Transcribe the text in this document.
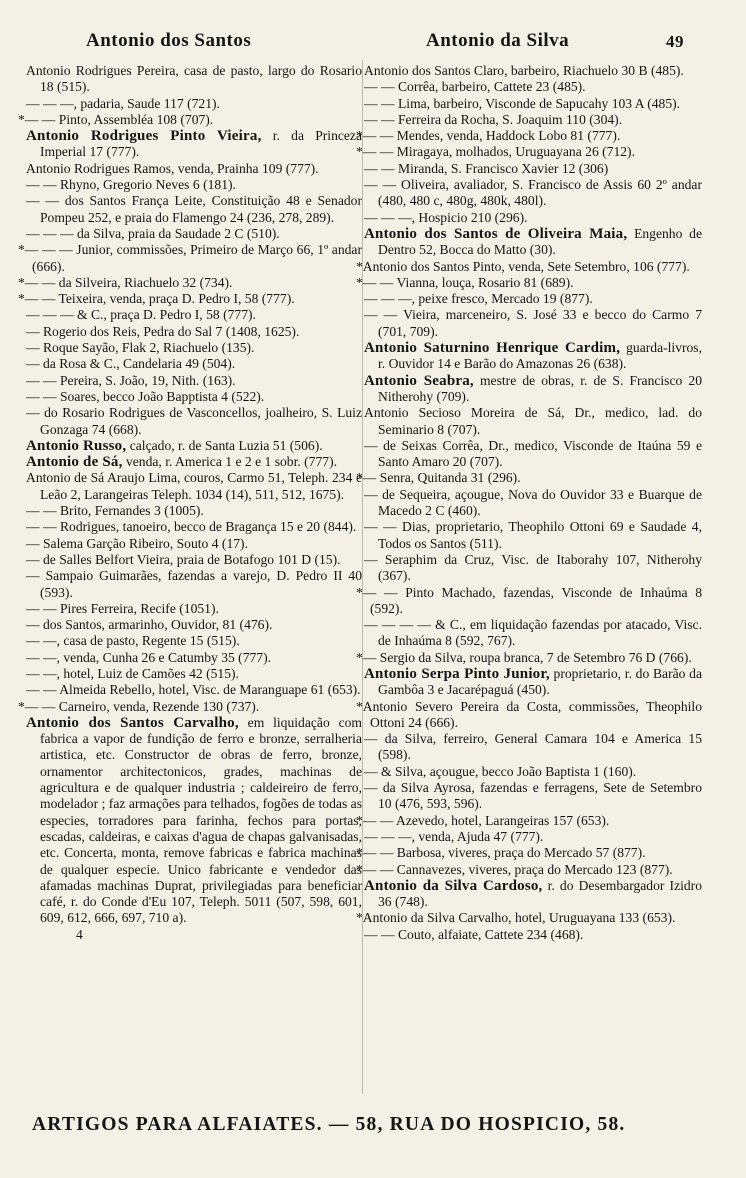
Antonio dos Santos	Antonio da Silva	49

Antonio Rodrigues Pereira, casa de pasto, largo do Rosario 18 (515).

— — —, padaria, Saude 117 (721).

*— — Pinto, Assembléa 108 (707).

Antonio Rodrigues Pinto Vieira, r. da Princeza Imperial 17 (777).

Antonio Rodrigues Ramos, venda, Prainha 109 (777).

— — Rhyno, Gregorio Neves 6 (181).

— — dos Santos França Leite, Constituição 48 e Senador Pompeu 252, e praia do Flamengo 24 (236, 278, 289).

— — — da Silva, praia da Saudade 2 C (510).

*— — — Junior, commissões, Primeiro de Março 66, 1º andar (666).

*— — da Silveira, Riachuelo 32 (734).

*— — Teixeira, venda, praça D. Pedro I, 58 (777).

— — — & C., praça D. Pedro I, 58 (777).

— Rogerio dos Reis, Pedra do Sal 7 (1408, 1625).

— Roque Sayão, Flak 2, Riachuelo (135).

— da Rosa & C., Candelaria 49 (504).

— — Pereira, S. João, 19, Nith. (163).

— — Soares, becco João Bapptista 4 (522).

— do Rosario Rodrigues de Vasconcellos, joalheiro, S. Luiz Gonzaga 74 (668).

Antonio Russo, calçado, r. de Santa Luzia 51 (506).

Antonio de Sá, venda, r. America 1 e 2 e 1 sobr. (777).

Antonio de Sá Araujo Lima, couros, Carmo 51, Teleph. 234 e Leão 2, Larangeiras Teleph. 1034 (14), 511, 512, 1675).

— — Brito, Fernandes 3 (1005).

— — Rodrigues, tanoeiro, becco de Bragança 15 e 20 (844).

— Salema Garção Ribeiro, Souto 4 (17).

— de Salles Belfort Vieira, praia de Botafogo 101 D (15).

— Sampaio Guimarães, fazendas a varejo, D. Pedro II 40 (593).

— — Pires Ferreira, Recife (1051).

— dos Santos, armarinho, Ouvidor, 81 (476).

— —, casa de pasto, Regente 15 (515).

— —, venda, Cunha 26 e Catumby 35 (777).

— —, hotel, Luiz de Camões 42 (515).

— — Almeida Rebello, hotel, Visc. de Maranguape 61 (653).

*— — Carneiro, venda, Rezende 130 (737).

Antonio dos Santos Carvalho, em liquidação com fabrica a vapor de fundição de ferro e bronze, serralheria artistica, etc. Constructor de obras de ferro, bronze, ornamentor architectonicos, grades, machinas de agricultura e de qualquer industria ; caldeireiro de ferro, modelador ; faz armações para telhados, fogões de todas as especies, torradores para farinha, fechos para portas, escadas, caldeiras, e caixas d'agua de chapas galvanisadas, etc. Concerta, monta, remove fabricas e fabrica machinas de qualquer especie. Unico fabricante e vendedor das afamadas machinas Duprat, privilegiadas para beneficiar café, r. do Conde d'Eu 107, Teleph. 5011 (507, 598, 601, 609, 612, 666, 697, 710 a).

4

Antonio dos Santos Claro, barbeiro, Riachuelo 30 B (485).

— — Corrêa, barbeiro, Cattete 23 (485).

— — Lima, barbeiro, Visconde de Sapucahy 103 A (485).

— — Ferreira da Rocha, S. Joaquim 110 (304).

*— — Mendes, venda, Haddock Lobo 81 (777).

*— — Miragaya, molhados, Uruguayana 26 (712).

— — Miranda, S. Francisco Xavier 12 (306)

— — Oliveira, avaliador, S. Francisco de Assis 60 2º andar (480, 480 c, 480g, 480k, 480l).

— — —, Hospicio 210 (296).

Antonio dos Santos de Oliveira Maia, Engenho de Dentro 52, Bocca do Matto (30).

*Antonio dos Santos Pinto, venda, Sete Setembro, 106 (777).

*— — Vianna, louça, Rosario 81 (689).

— — —, peixe fresco, Mercado 19 (877).

— — Vieira, marceneiro, S. José 33 e becco do Carmo 7 (701, 709).

Antonio Saturnino Henrique Cardim, guarda-livros, r. Ouvidor 14 e Barão do Amazonas 26 (638).

Antonio Seabra, mestre de obras, r. de S. Francisco 20 Nitherohy (709).

Antonio Secioso Moreira de Sá, Dr., medico, lad. do Seminario 8 (707).

— de Seixas Corrêa, Dr., medico, Visconde de Itaúna 59 e Santo Amaro 20 (707).

*— Senra, Quitanda 31 (296).

— de Sequeira, açougue, Nova do Ouvidor 33 e Buarque de Macedo 2 C (460).

— — Dias, proprietario, Theophilo Ottoni 69 e Saudade 4, Todos os Santos (511).

— Seraphim da Cruz, Visc. de Itaborahy 107, Nitherohy (367).

*— — Pinto Machado, fazendas, Visconde de Inhaúma 8 (592).

— — — — & C., em liquidação fazendas por atacado, Visc. de Inhaúma 8 (592, 767).

*— Sergio da Silva, roupa branca, 7 de Setembro 76 D (766).

Antonio Serpa Pinto Junior, proprietario, r. do Barão da Gambôa 3 e Jacarépaguá (450).

*Antonio Severo Pereira da Costa, commissões, Theophilo Ottoni 24 (666).

— da Silva, ferreiro, General Camara 104 e America 15 (598).

— & Silva, açougue, becco João Baptista 1 (160).

— da Silva Ayrosa, fazendas e ferragens, Sete de Setembro 10 (476, 593, 596).

*— — Azevedo, hotel, Larangeiras 157 (653).

— — —, venda, Ajuda 47 (777).

*— — Barbosa, viveres, praça do Mercado 57 (877).

*— — Cannavezes, viveres, praça do Mercado 123 (877).

Antonio da Silva Cardoso, r. do Desembargador Izidro 36 (748).

*Antonio da Silva Carvalho, hotel, Uruguayana 133 (653).

— — Couto, alfaiate, Cattete 234 (468).

ARTIGOS PARA ALFAIATES. — 58, RUA DO HOSPICIO, 58.
